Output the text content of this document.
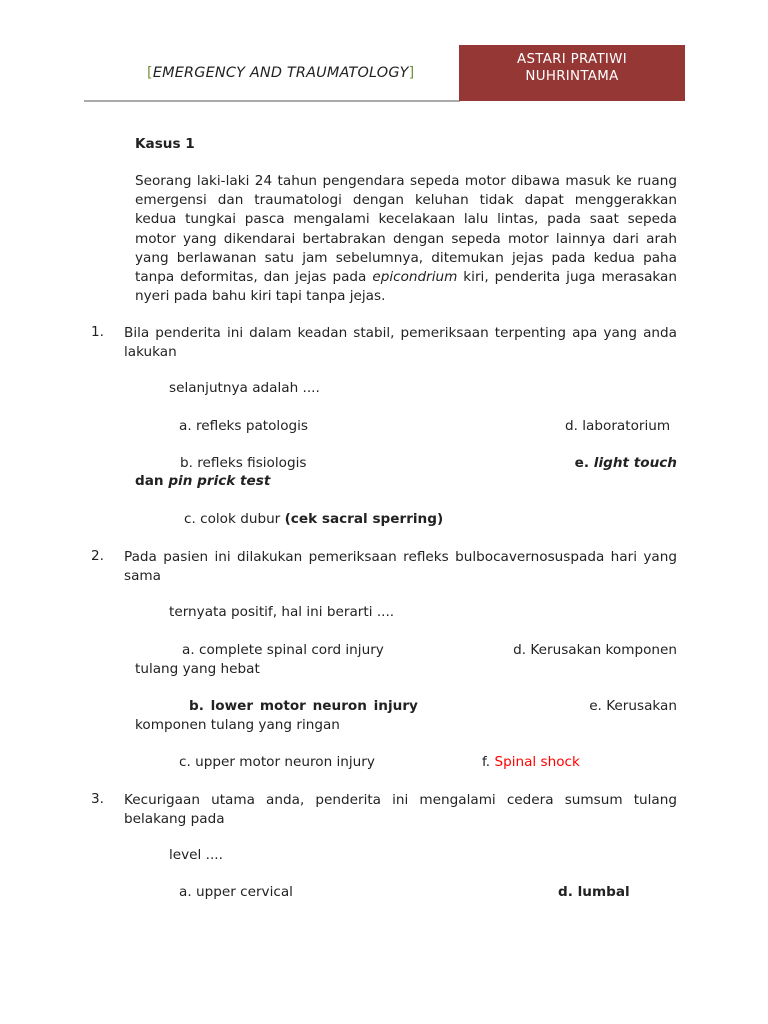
[EMERGENCY AND TRAUMATOLOGY]
ASTARI PRATIWI
NUHRINTAMA
Kasus 1
Seorang laki-laki 24 tahun pengendara sepeda motor dibawa masuk ke ruang
emergensi dan traumatologi dengan keluhan tidak dapat menggerakkan
kedua tungkai pasca mengalami kecelakaan lalu lintas, pada saat sepeda
motor yang dikendarai bertabrakan dengan sepeda motor lainnya dari arah
yang berlawanan satu jam sebelumnya, ditemukan jejas pada kedua paha
tanpa deformitas, dan jejas pada epicondrium kiri, penderita juga merasakan
nyeri pada bahu kiri tapi tanpa jejas.
1. Bila penderita ini dalam keadan stabil, pemeriksaan terpenting apa yang anda
lakukan
selanjutnya adalah ....
a. refleks patologis	d. laboratorium
b. refleks fisiologis	e. light touch
dan pin prick test
c. colok dubur (cek sacral sperring)
2. Pada pasien ini dilakukan pemeriksaan refleks bulbocavernosuspada hari yang
sama
ternyata positif, hal ini berarti ....
a. complete spinal cord injury	d. Kerusakan komponen
tulang yang hebat
b. lower motor neuron injury	e. Kerusakan
komponen tulang yang ringan
c. upper motor neuron injury	f. Spinal shock
3. Kecurigaan utama anda, penderita ini mengalami cedera sumsum tulang
belakang pada
level ....
a. upper cervical	d. lumbal
